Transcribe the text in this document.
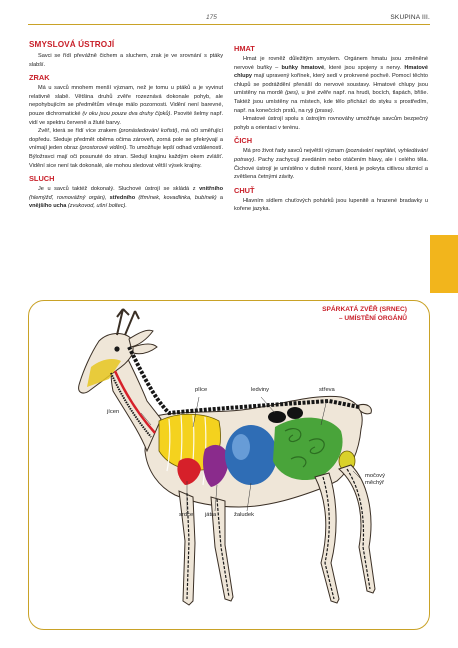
175	SKUPINA III.
SMYSLOVÁ ÚSTROJÍ

Savci se řídí převážně čichem a sluchem, zrak je ve srovnání s ptáky slabší.

ZRAK

Má u savců mnohem menší význam, než je tomu u ptáků a je vyvinut relativně slabě. Většina druhů zvěře rozeznává dokonale pohyb, ale nepohybujícím se předmětům věnuje málo pozornosti. Vidění není barevné, pouze dichromatické (v oku jsou pouze dva druhy čípků). Psovité šelmy např. vidí ve spektru červeně a žluté barvy.

Zvěř, která se řídí více zrakem (pronásledování kořisti), má oči směřující dopředu. Sleduje předmět oběma očima zároveň, zorná pole se překrývají a vnímají jeden obraz (prostorové vidění). To umožňuje lepší odhad vzdáleností. Býložravci mají oči posunuté do stran. Sledují krajinu každým okem zvlášť. Vidění sice není tak dokonalé, ale mohou sledovat větší výsek krajiny.

SLUCH

Je u savců taktéž dokonalý. Sluchové ústrojí se skládá z vnitřního (hlemýžď, rovnovážný orgán), středního (třmínek, kovadlinka, bubínek) a vnějšího ucha (zvukovod, ušní boltec).

HMAT

Hmat je rovněž důležitým smyslem. Orgánem hmatu jsou změněné nervové buňky – buňky hmatové, které jsou spojeny s nervy. Hmatové chlupy mají upravený kořínek, který sedí v prokrvené pochvě. Pomocí těchto chlupů se podráždění přenáší do nervové soustavy. Hmatové chlupy jsou umístěny na mordě (pes), u jiné zvěře např. na hrudi, bocích, tlapách, břiše. Taktéž jsou umístěny na místech, kde tělo přichází do styku s prostředím, např. na konečcích prstů, na ryji (prase).

Hmatové ústrojí spolu s ústrojím rovnováhy umožňuje savcům bezpečný pohyb a orientaci v terénu.

ČICH

Má pro život řady savců největší význam (poznávání nepřátel, vyhledávání potravy). Pachy zachycují zvedáním nebo otáčením hlavy, ale i celého těla. Čichové ústrojí je umístěno v dutině nosní, která je pokryta citlivou sliznicí a zvětšena četnými závity.

CHUŤ

Hlavním sídlem chuťových pohárků jsou lupenitě a hrazené bradavky u kořene jazyka.

SPÁRKATÁ ZVĚŘ (SRNEC)
– UMÍSTĚNÍ ORGÁNŮ
plíce	ledviny	střeva
jícen
močový
měchýř
srdce játra	žaludek
